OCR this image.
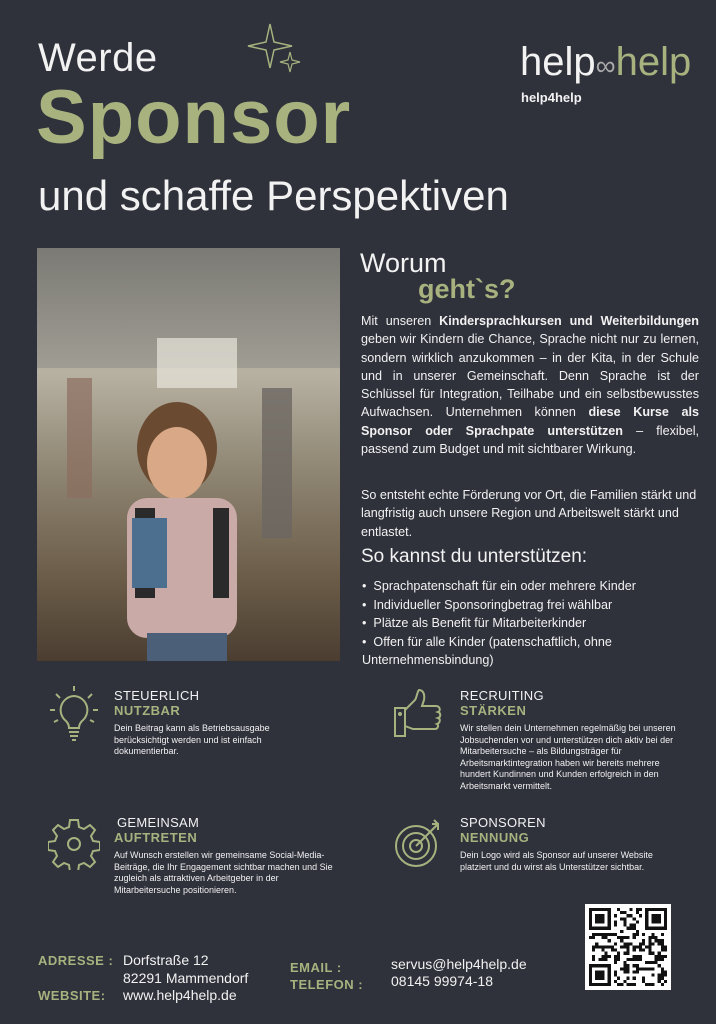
Werde
Sponsor
und schaffe Perspektiven
help∞help
help4help
Worum
geht`s?

Mit unseren Kindersprachkursen und Weiterbildungen geben wir Kindern die Chance, Sprache nicht nur zu lernen, sondern wirklich anzukommen – in der Kita, in der Schule und in unserer Gemeinschaft. Denn Sprache ist der Schlüssel für Integration, Teilhabe und ein selbstbewusstes Aufwachsen. Unternehmen können diese Kurse als Sponsor oder Sprachpate unterstützen – flexibel, passend zum Budget und mit sichtbarer Wirkung.

So entsteht echte Förderung vor Ort, die Familien stärkt und langfristig auch unsere Region und Arbeitswelt stärkt und entlastet.

So kannst du unterstützen:
• Sprachpatenschaft für ein oder mehrere Kinder
• Individueller Sponsoringbetrag frei wählbar
• Plätze als Benefit für Mitarbeiterkinder
• Offen für alle Kinder (patenschaftlich, ohne
Unternehmensbindung)
STEUERLICH
NUTZBAR
Dein Beitrag kann als Betriebsausgabe berücksichtigt werden und ist einfach dokumentierbar.
RECRUITING
STÄRKEN
Wir stellen dein Unternehmen regelmäßig bei unseren Jobsuchenden vor und unterstützen dich aktiv bei der Mitarbeitersuche – als Bildungsträger für Arbeitsmarktintegration haben wir bereits mehrere hundert Kundinnen und Kunden erfolgreich in den Arbeitsmarkt vermittelt.
GEMEINSAM
AUFTRETEN
Auf Wunsch erstellen wir gemeinsame Social-Media-Beiträge, die Ihr Engagement sichtbar machen und Sie zugleich als attraktiven Arbeitgeber in der Mitarbeitersuche positionieren.
SPONSOREN
NENNUNG
Dein Logo wird als Sponsor auf unserer Website platziert und du wirst als Unterstützer sichtbar.
ADRESSE : Dorfstraße 12
82291 Mammendorf
WEBSITE: www.help4help.de
EMAIL :
TELEFON :
servus@help4help.de
08145 99974-18
